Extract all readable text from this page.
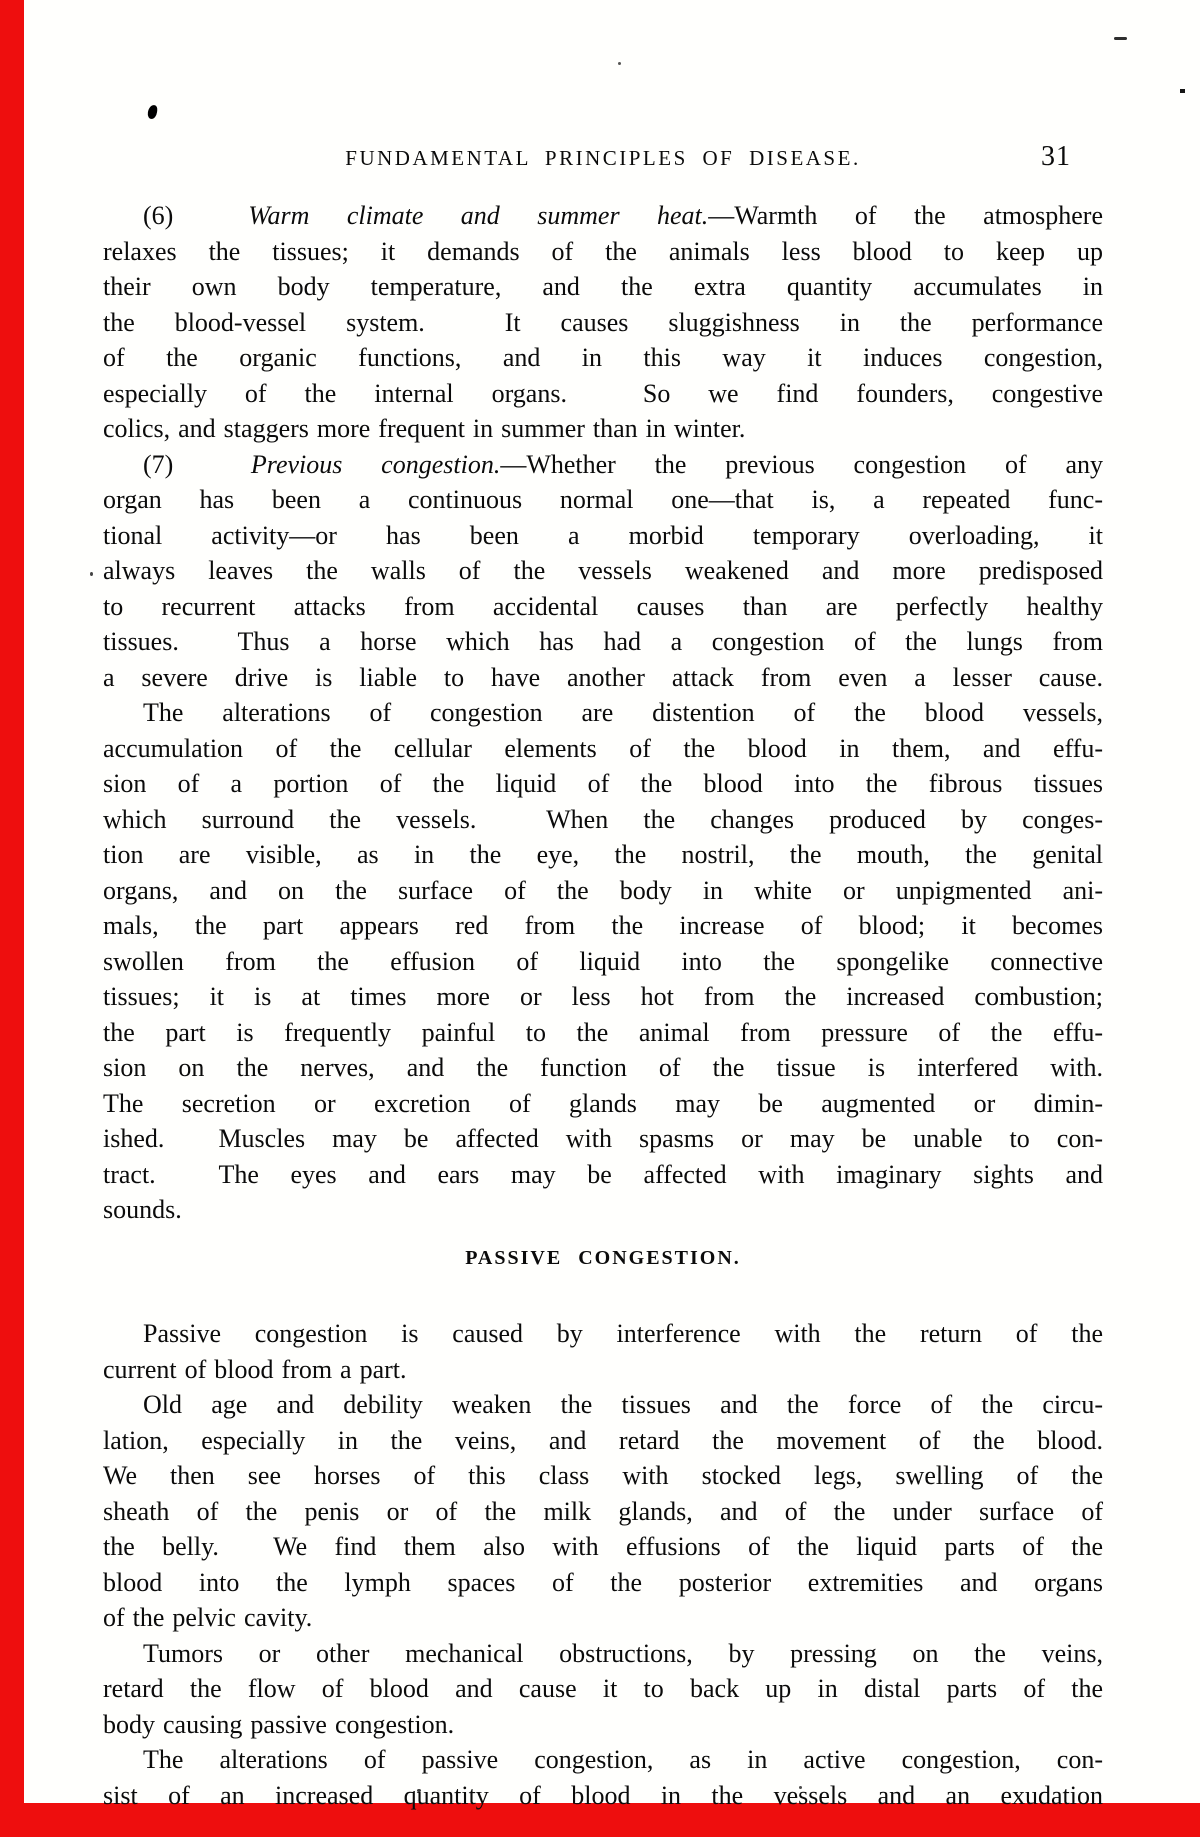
FUNDAMENTAL PRINCIPLES OF DISEASE.	31
(6)  Warm climate and summer heat.—Warmth of the atmosphere
relaxes the tissues; it demands of the animals less blood to keep up
their own body temperature, and the extra quantity accumulates in
the blood-vessel system.  It causes sluggishness in the performance
of the organic functions, and in this way it induces congestion,
especially of the internal organs.  So we find founders, congestive
colics, and staggers more frequent in summer than in winter.
(7)  Previous congestion.—Whether the previous congestion of any
organ has been a continuous normal one—that is, a repeated func-
tional activity—or has been a morbid temporary overloading, it
always leaves the walls of the vessels weakened and more predisposed
to recurrent attacks from accidental causes than are perfectly healthy
tissues.  Thus a horse which has had a congestion of the lungs from
a severe drive is liable to have another attack from even a lesser cause.
The alterations of congestion are distention of the blood vessels,
accumulation of the cellular elements of the blood in them, and effu-
sion of a portion of the liquid of the blood into the fibrous tissues
which surround the vessels.  When the changes produced by conges-
tion are visible, as in the eye, the nostril, the mouth, the genital
organs, and on the surface of the body in white or unpigmented ani-
mals, the part appears red from the increase of blood; it becomes
swollen from the effusion of liquid into the spongelike connective
tissues; it is at times more or less hot from the increased combustion;
the part is frequently painful to the animal from pressure of the effu-
sion on the nerves, and the function of the tissue is interfered with.
The secretion or excretion of glands may be augmented or dimin-
ished.  Muscles may be affected with spasms or may be unable to con-
tract.  The eyes and ears may be affected with imaginary sights and
sounds.
PASSIVE CONGESTION.
Passive congestion is caused by interference with the return of the
current of blood from a part.
Old age and debility weaken the tissues and the force of the circu-
lation, especially in the veins, and retard the movement of the blood.
We then see horses of this class with stocked legs, swelling of the
sheath of the penis or of the milk glands, and of the under surface of
the belly.  We find them also with effusions of the liquid parts of the
blood into the lymph spaces of the posterior extremities and organs
of the pelvic cavity.
Tumors or other mechanical obstructions, by pressing on the veins,
retard the flow of blood and cause it to back up in distal parts of the
body causing passive congestion.
The alterations of passive congestion, as in active congestion, con-
sist of an increased quantity of blood in the vessels and an exudation
